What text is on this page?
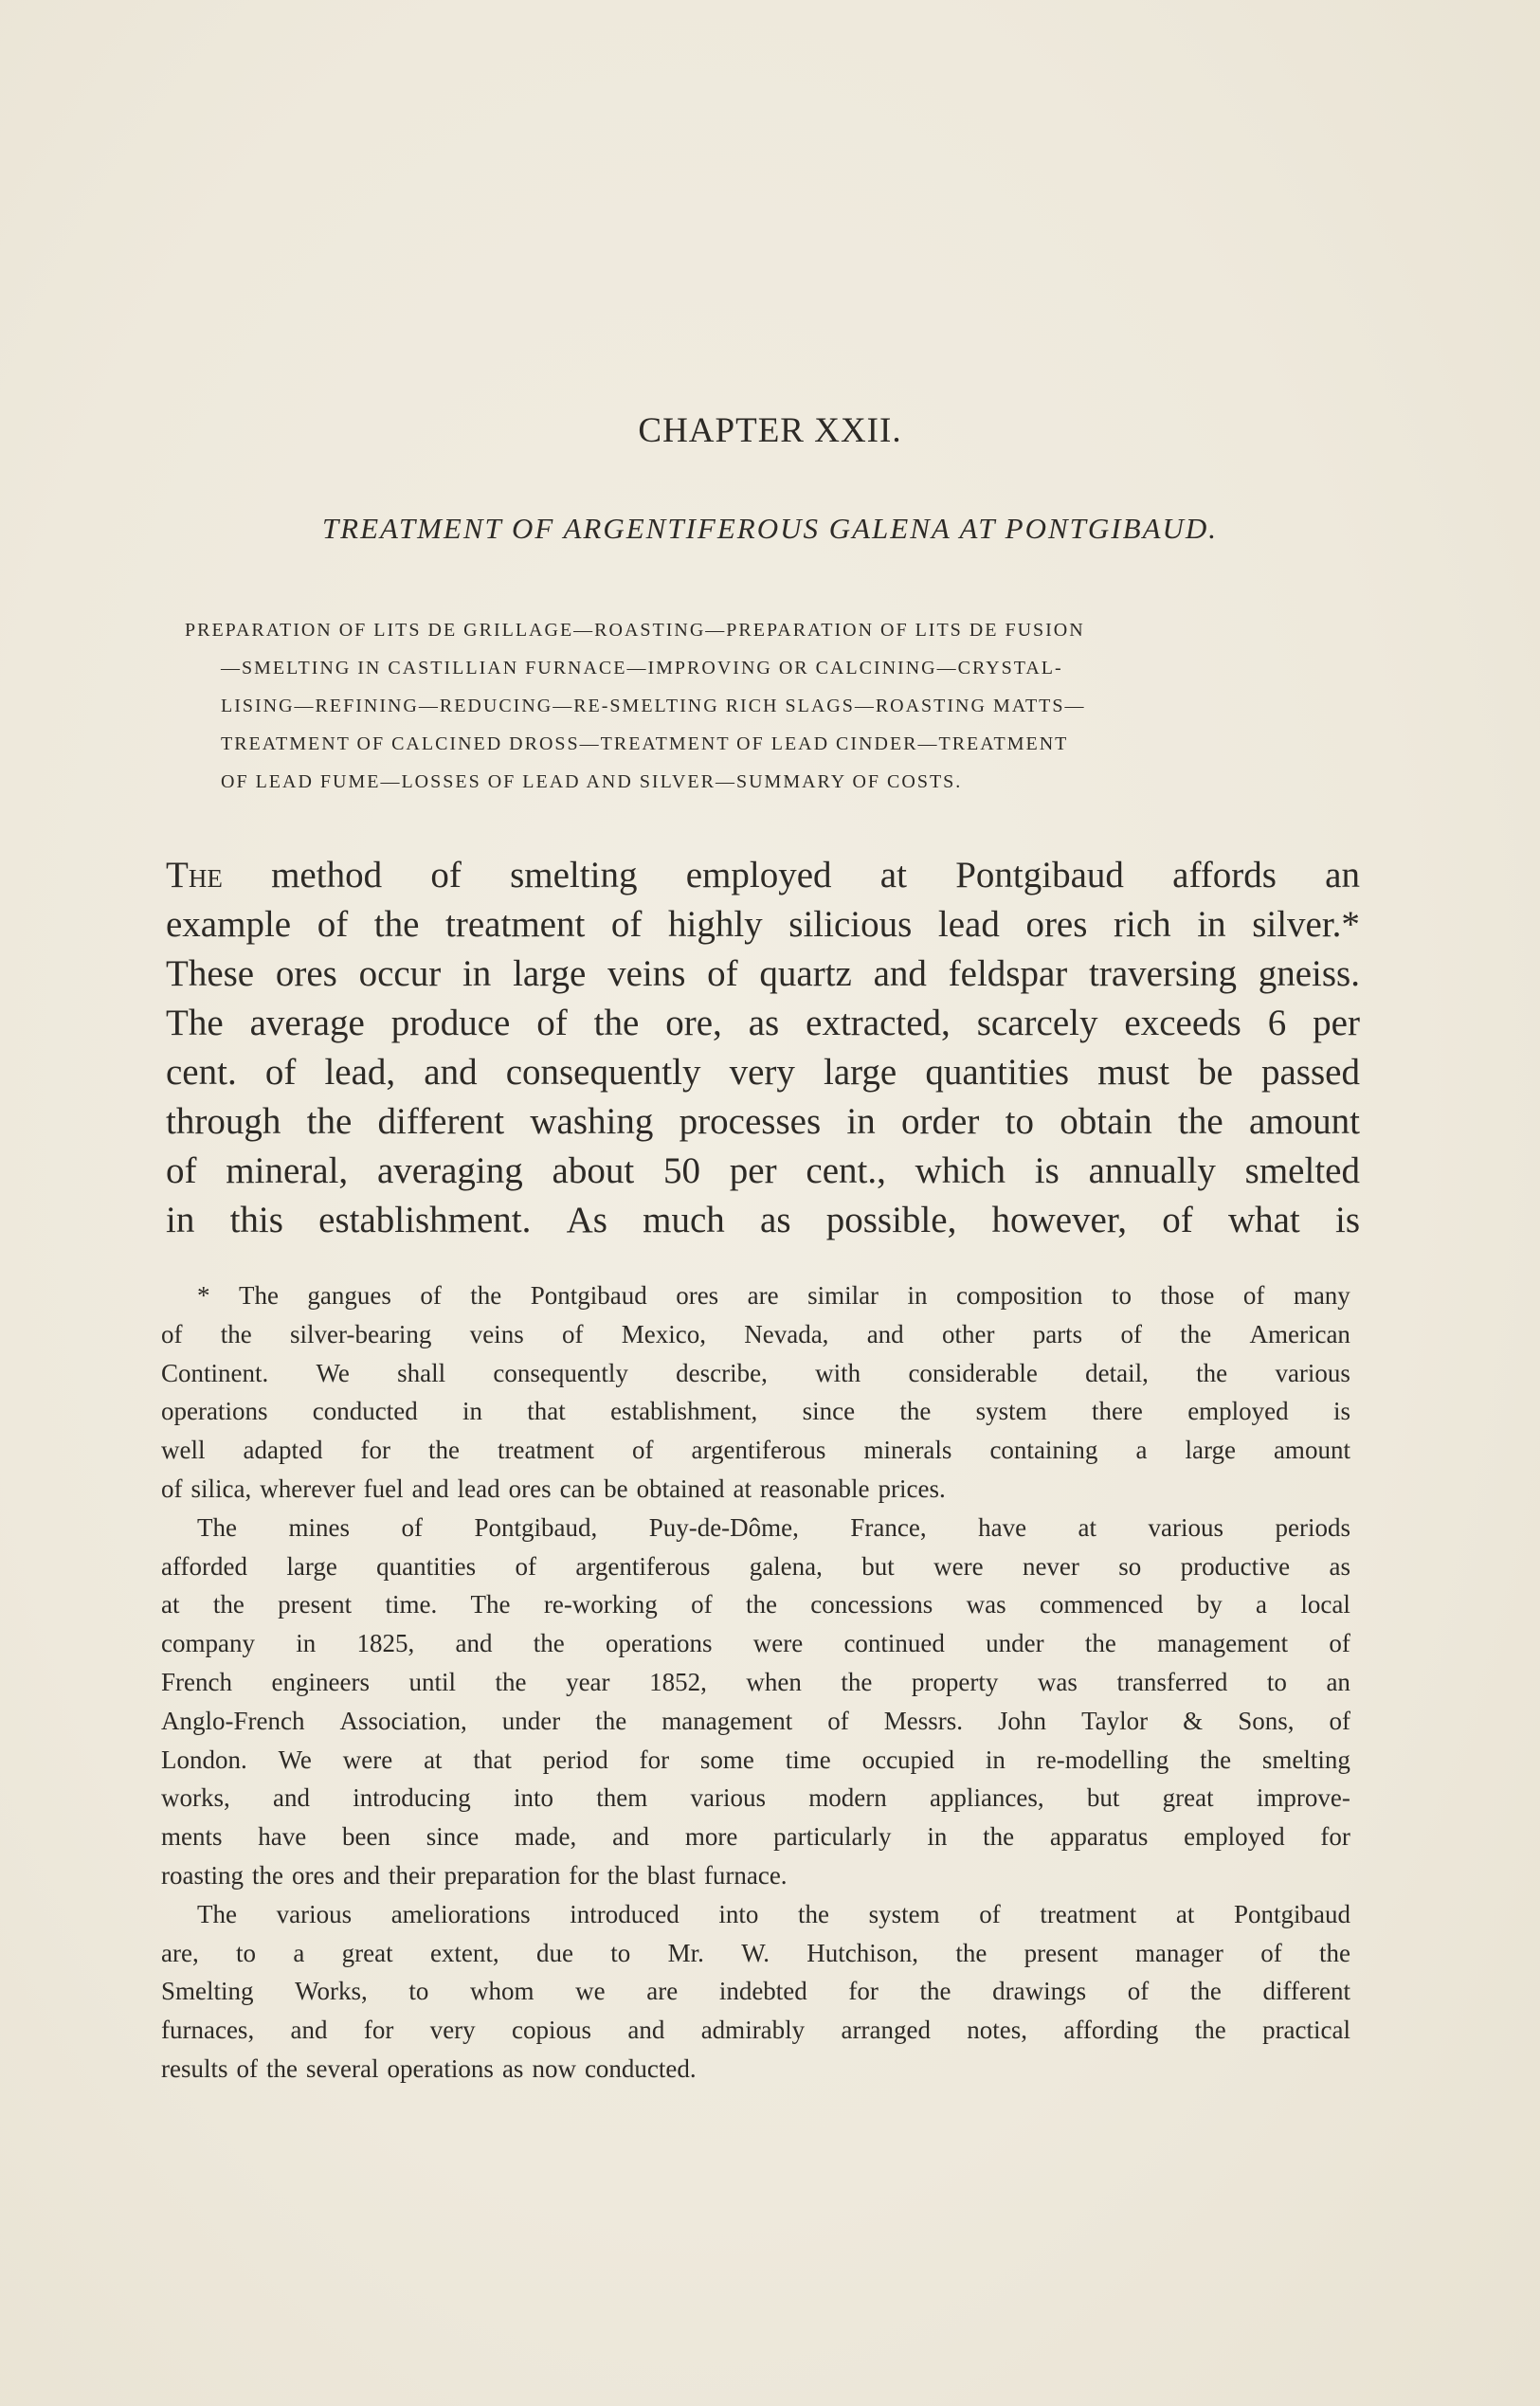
CHAPTER XXII.
TREATMENT OF ARGENTIFEROUS GALENA AT PONTGIBAUD.
PREPARATION OF LITS DE GRILLAGE—ROASTING—PREPARATION OF LITS DE FUSION
—SMELTING IN CASTILLIAN FURNACE—IMPROVING OR CALCINING—CRYSTAL-
LISING—REFINING—REDUCING—RE-SMELTING RICH SLAGS—ROASTING MATTS—
TREATMENT OF CALCINED DROSS—TREATMENT OF LEAD CINDER—TREATMENT
OF LEAD FUME—LOSSES OF LEAD AND SILVER—SUMMARY OF COSTS.
The method of smelting employed at Pontgibaud affords an
example of the treatment of highly silicious lead ores rich in silver.*
These ores occur in large veins of quartz and feldspar traversing gneiss.
The average produce of the ore, as extracted, scarcely exceeds 6 per
cent. of lead, and consequently very large quantities must be passed
through the different washing processes in order to obtain the amount
of mineral, averaging about 50 per cent., which is annually smelted
in this establishment. As much as possible, however, of what is
* The gangues of the Pontgibaud ores are similar in composition to those of many
of the silver-bearing veins of Mexico, Nevada, and other parts of the American
Continent. We shall consequently describe, with considerable detail, the various
operations conducted in that establishment, since the system there employed is
well adapted for the treatment of argentiferous minerals containing a large amount
of silica, wherever fuel and lead ores can be obtained at reasonable prices.
The mines of Pontgibaud, Puy-de-Dôme, France, have at various periods
afforded large quantities of argentiferous galena, but were never so productive as
at the present time. The re-working of the concessions was commenced by a local
company in 1825, and the operations were continued under the management of
French engineers until the year 1852, when the property was transferred to an
Anglo-French Association, under the management of Messrs. John Taylor & Sons, of
London. We were at that period for some time occupied in re-modelling the smelting
works, and introducing into them various modern appliances, but great improve-
ments have been since made, and more particularly in the apparatus employed for
roasting the ores and their preparation for the blast furnace.
The various ameliorations introduced into the system of treatment at Pontgibaud
are, to a great extent, due to Mr. W. Hutchison, the present manager of the
Smelting Works, to whom we are indebted for the drawings of the different
furnaces, and for very copious and admirably arranged notes, affording the practical
results of the several operations as now conducted.
